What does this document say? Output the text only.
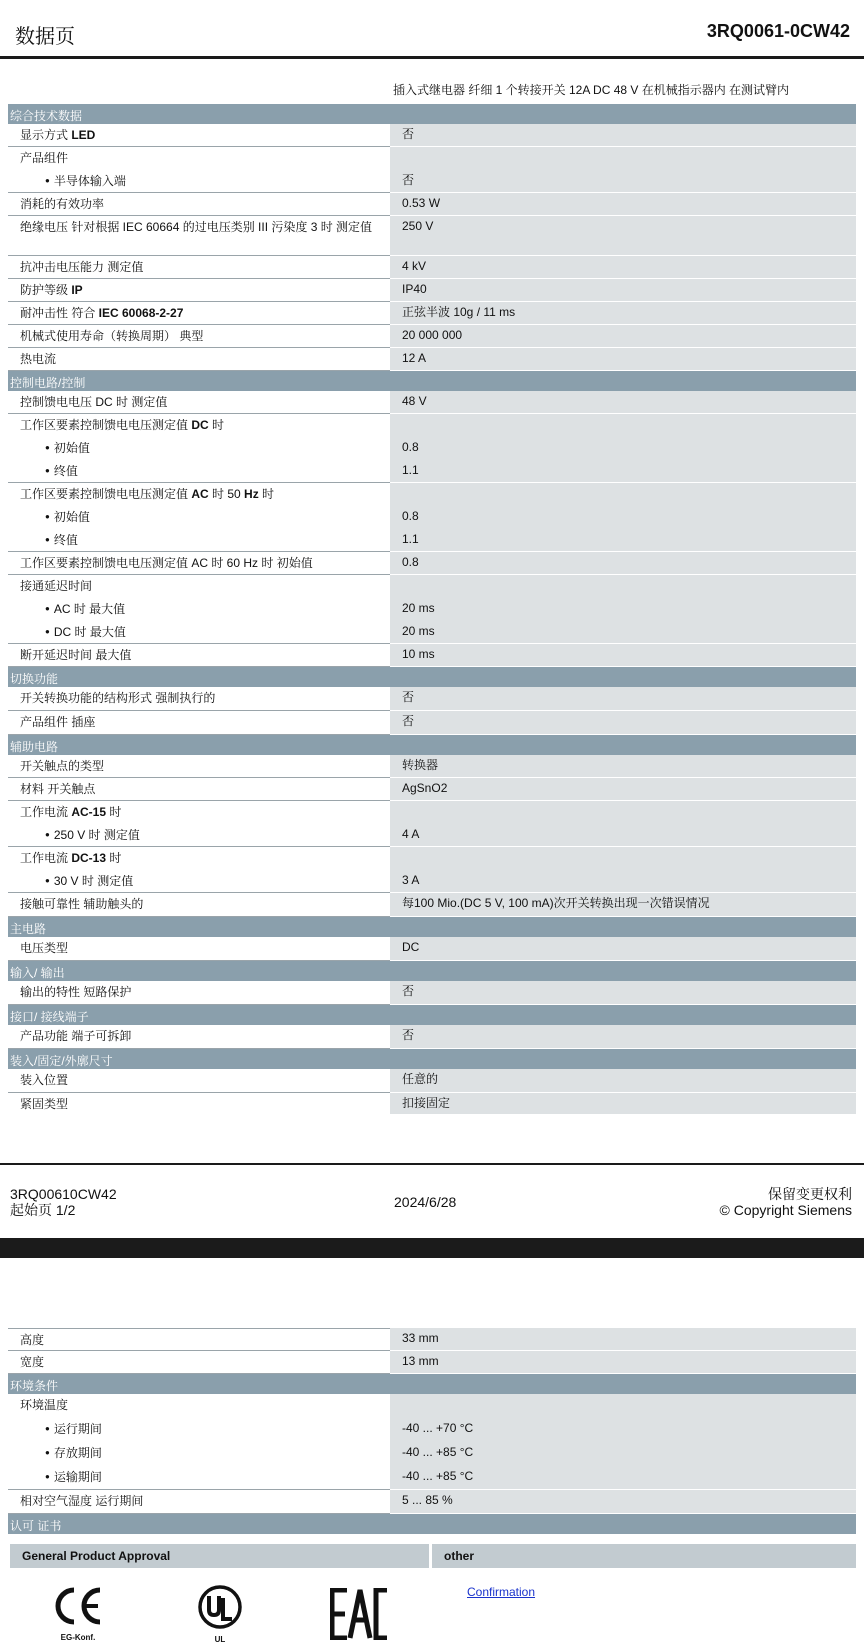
数据页	3RQ0061-0CW42
插入式继电器 纤细 1 个转接开关 12A DC 48 V 在机械指示器内 在测试臂内
综合技术数据
显示方式 LED	否
产品组件
● 半导体输入端	否
消耗的有效功率	0.53 W
绝缘电压 针对根据 IEC 60664 的过电压类别 III 污染度 3 时 测定值	250 V
抗冲击电压能力 测定值	4 kV
防护等级 IP	IP40
耐冲击性 符合 IEC 60068-2-27	正弦半波 10g / 11 ms
机械式使用寿命（转换周期） 典型	20 000 000
热电流	12 A
控制电路/控制
控制馈电电压 DC 时 测定值	48 V
工作区要素控制馈电电压测定值 DC 时
● 初始值	0.8
● 终值	1.1
工作区要素控制馈电电压测定值 AC 时 50 Hz 时
● 初始值	0.8
● 终值	1.1
工作区要素控制馈电电压测定值 AC 时 60 Hz 时 初始值	0.8
接通延迟时间
● AC 时 最大值	20 ms
● DC 时 最大值	20 ms
断开延迟时间 最大值	10 ms
切换功能
开关转换功能的结构形式 强制执行的	否
产品组件 插座	否
辅助电路
开关触点的类型	转换器
材料 开关触点	AgSnO2
工作电流 AC-15 时
● 250 V 时 测定值	4 A
工作电流 DC-13 时
● 30 V 时 测定值	3 A
接触可靠性 辅助触头的	每100 Mio.(DC 5 V, 100 mA)次开关转换出现一次错误情况
主电路
电压类型	DC
输入/ 输出
输出的特性 短路保护	否
接口/ 接线端子
产品功能 端子可拆卸	否
装入/固定/外廓尺寸
装入位置	任意的
紧固类型	扣接固定
3RQ00610CW42
起始页 1/2	2024/6/28	保留变更权利
© Copyright Siemens
高度	33 mm
宽度	13 mm
环境条件
环境温度
● 运行期间	-40 ... +70 °C
● 存放期间	-40 ... +85 °C
● 运输期间	-40 ... +85 °C
相对空气湿度 运行期间	5 ... 85 %
认可 证书
General Product Approval	other
EG-Konf.	UL
Confirmation
